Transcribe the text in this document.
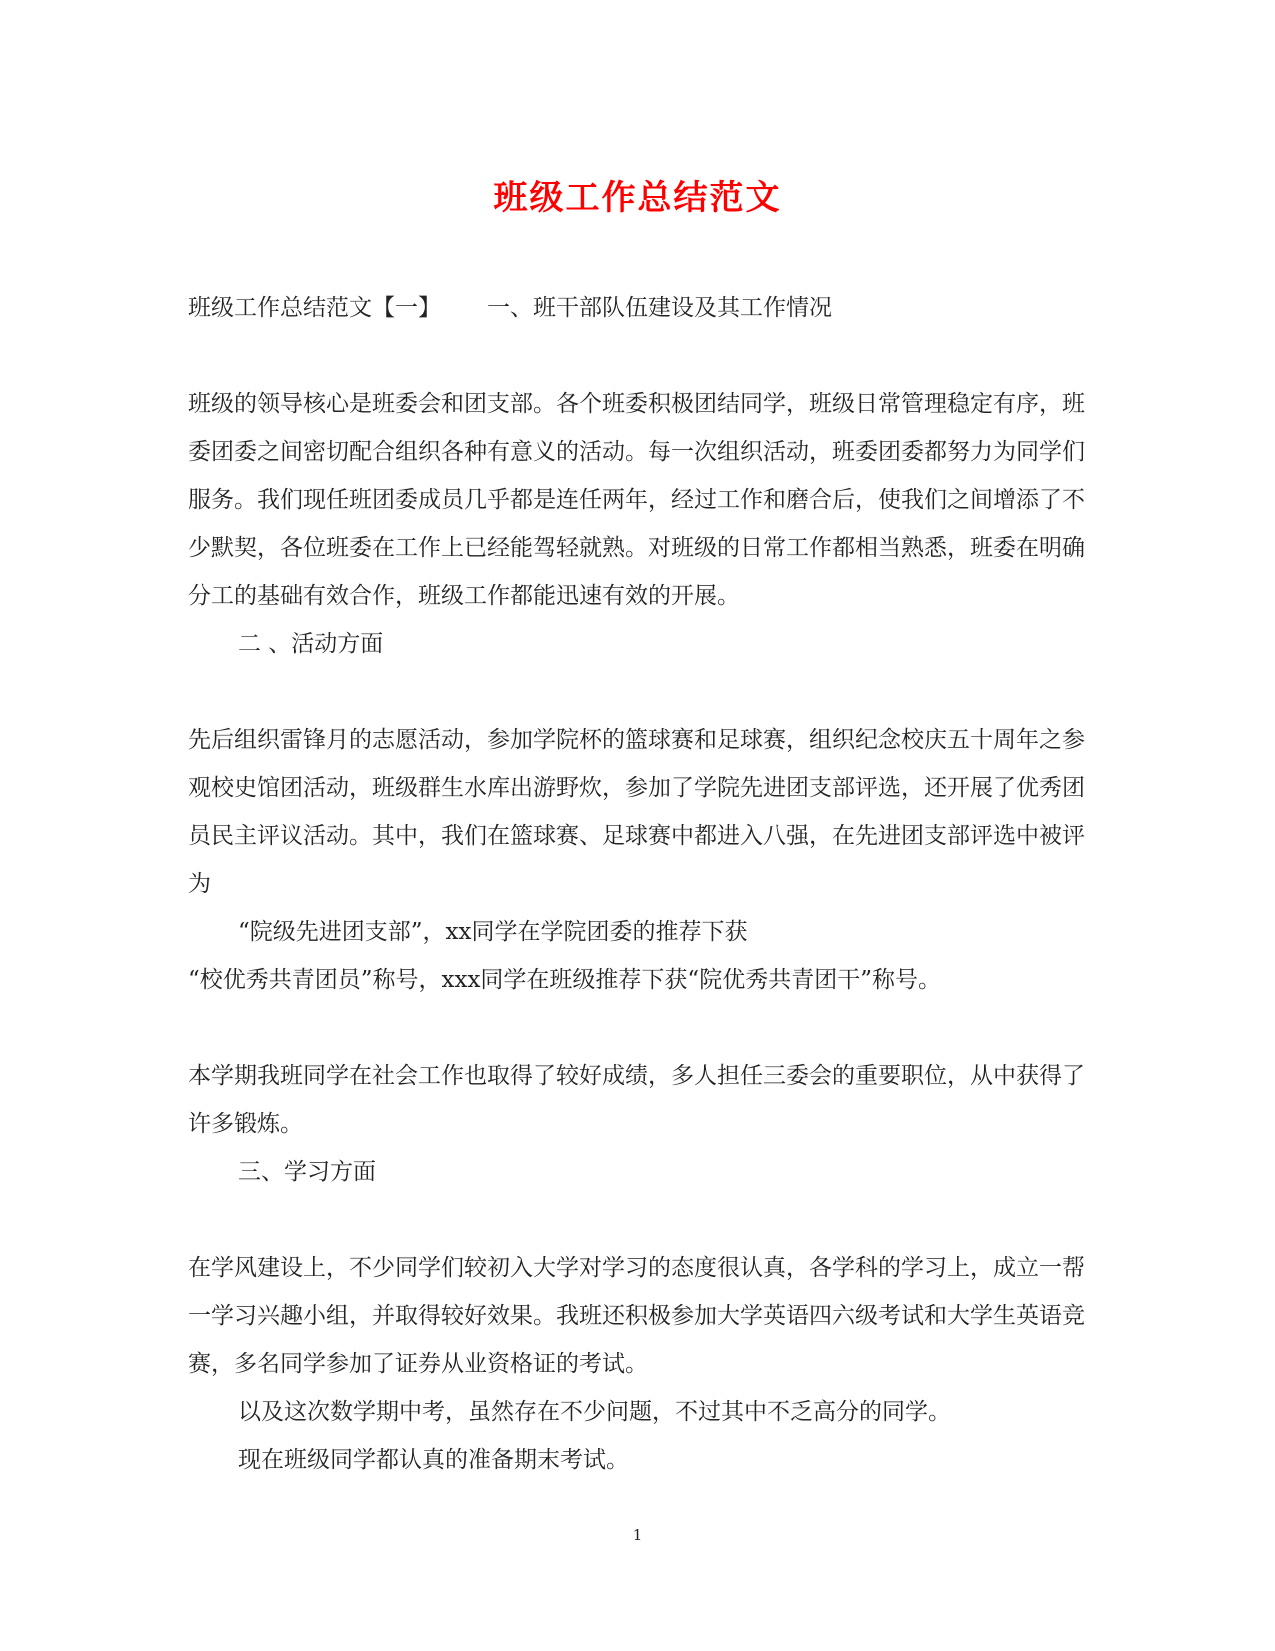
班级工作总结范文

班级工作总结范文【一】 一、班干部队伍建设及其工作情况

班级的领导核心是班委会和团支部。各个班委积极团结同学，班级日常管理稳定有序，班委团委之间密切配合组织各种有意义的活动。每一次组织活动，班委团委都努力为同学们服务。我们现任班团委成员几乎都是连任两年，经过工作和磨合后，使我们之间增添了不少默契，各位班委在工作上已经能驾轻就熟。对班级的日常工作都相当熟悉，班委在明确分工的基础有效合作，班级工作都能迅速有效的开展。

二 、活动方面

先后组织雷锋月的志愿活动，参加学院杯的篮球赛和足球赛，组织纪念校庆五十周年之参观校史馆团活动，班级群生水库出游野炊，参加了学院先进团支部评选，还开展了优秀团员民主评议活动。其中，我们在篮球赛、足球赛中都进入八强，在先进团支部评选中被评为

“院级先进团支部”，xx同学在学院团委的推荐下获

“校优秀共青团员”称号，xxx同学在班级推荐下获“院优秀共青团干”称号。

本学期我班同学在社会工作也取得了较好成绩，多人担任三委会的重要职位，从中获得了许多锻炼。

三、学习方面

在学风建设上，不少同学们较初入大学对学习的态度很认真，各学科的学习上，成立一帮一学习兴趣小组，并取得较好效果。我班还积极参加大学英语四六级考试和大学生英语竞赛，多名同学参加了证券从业资格证的考试。

以及这次数学期中考，虽然存在不少问题，不过其中不乏高分的同学。

现在班级同学都认真的准备期末考试。

1
